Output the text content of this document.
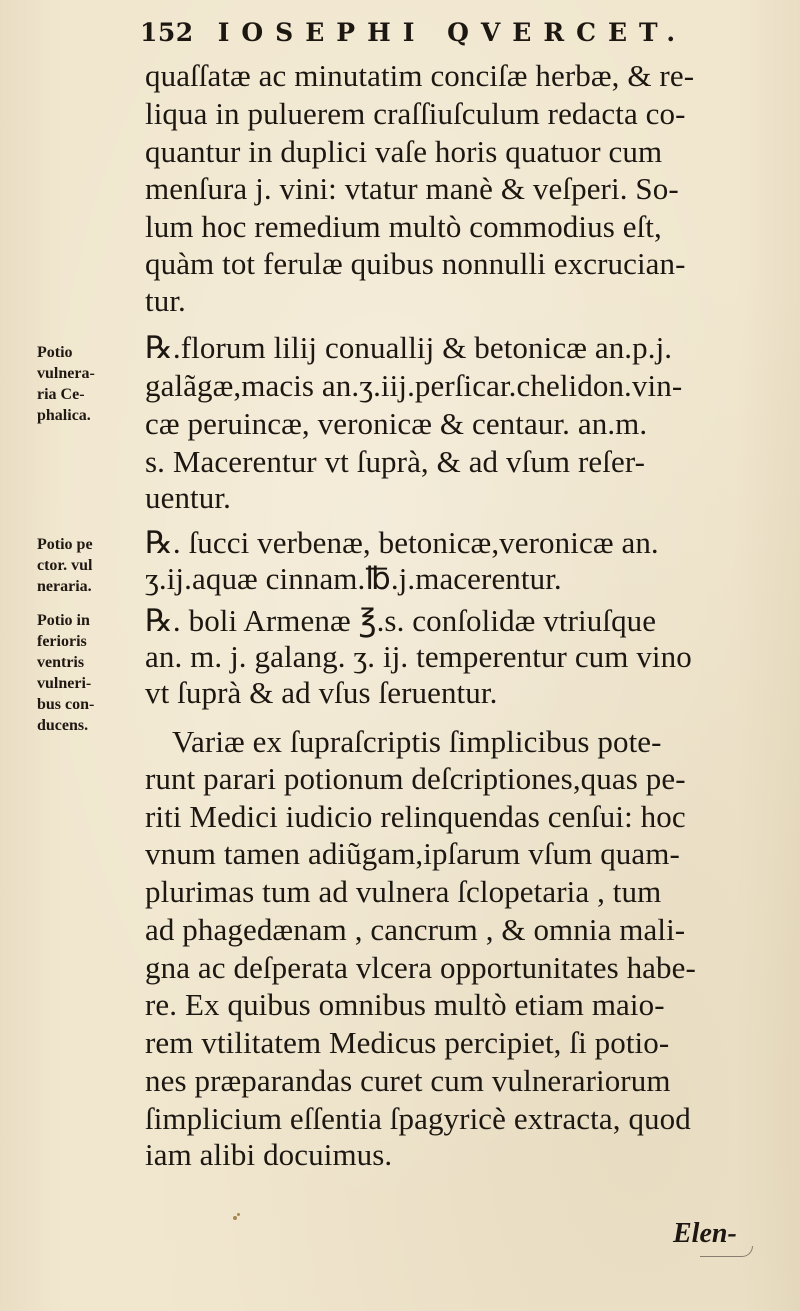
152 IOSEPHI QVERCET.
quaſſatæ ac minutatim conciſæ herbæ, & re-
liqua in puluerem craſſiuſculum redacta co-
quantur in duplici vaſe horis quatuor cum
menſura j. vini: vtatur manè & veſperi. So-
lum hoc remedium multò commodius eſt,
quàm tot ferulæ quibus nonnulli excrucian-
tur.
℞.florum lilij conuallij & betonicæ an.p.j.
galãgæ,macis an.ʒ.iij.perſicar.chelidon.vin-
cæ peruincæ, veronicæ & centaur. an.m.
s. Macerentur vt ſuprà, & ad vſum reſer-
uentur.
℞. ſucci verbenæ, betonicæ,veronicæ an.
ʒ.ij.aquæ cinnam.℔.j.macerentur.
℞. boli Armenæ ℥.s. conſolidæ vtriuſque
an. m. j. galang. ʒ. ij. temperentur cum vino
vt ſuprà & ad vſus ſeruentur.
Variæ ex ſupraſcriptis ſimplicibus pote-
runt parari potionum deſcriptiones,quas pe-
riti Medici iudicio relinquendas cenſui: hoc
vnum tamen adiũgam,ipſarum vſum quam-
plurimas tum ad vulnera ſclopetaria , tum
ad phagedænam , cancrum , & omnia mali-
gna ac deſperata vlcera opportunitates habe-
re. Ex quibus omnibus multò etiam maio-
rem vtilitatem Medicus percipiet, ſi potio-
nes præparandas curet cum vulnerariorum
ſimplicium eſſentia ſpagyricè extracta, quod
iam alibi docuimus.
Potio
vulnera-
ria Ce-
phalica.
Potio pe
ctor. vul
neraria.
Potio in
ferioris
ventris
vulneri-
bus con-
ducens.
Elen-
